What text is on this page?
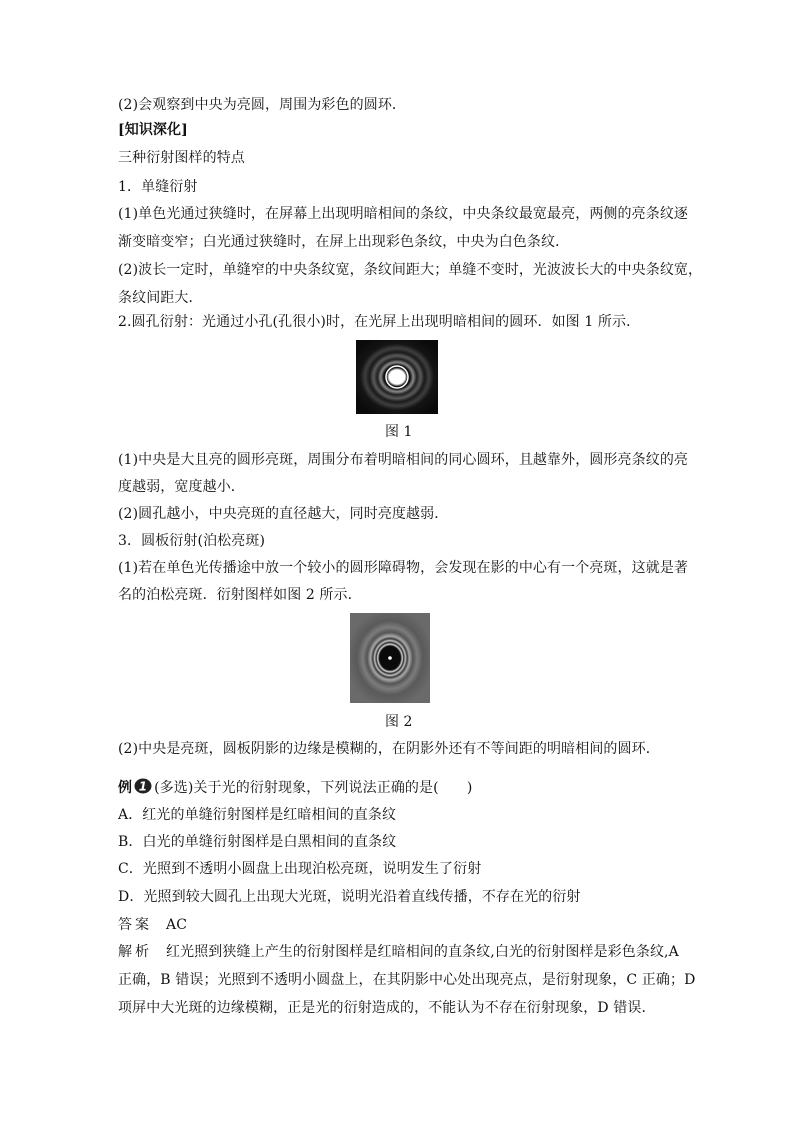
(2)会观察到中央为亮圆，周围为彩色的圆环．
[知识深化]
三种衍射图样的特点
1．单缝衍射
(1)单色光通过狭缝时，在屏幕上出现明暗相间的条纹，中央条纹最宽最亮，两侧的亮条纹逐
渐变暗变窄；白光通过狭缝时，在屏上出现彩色条纹，中央为白色条纹．
(2)波长一定时，单缝窄的中央条纹宽，条纹间距大；单缝不变时，光波波长大的中央条纹宽，
条纹间距大．
2.圆孔衍射：光通过小孔(孔很小)时，在光屏上出现明暗相间的圆环．如图 1 所示．
图 1
(1)中央是大且亮的圆形亮斑，周围分布着明暗相间的同心圆环，且越靠外，圆形亮条纹的亮
度越弱，宽度越小．
(2)圆孔越小，中央亮斑的直径越大，同时亮度越弱．
3．圆板衍射(泊松亮斑)
(1)若在单色光传播途中放一个较小的圆形障碍物，会发现在影的中心有一个亮斑，这就是著
名的泊松亮斑．衍射图样如图 2 所示．
图 2
(2)中央是亮斑，圆板阴影的边缘是模糊的，在阴影外还有不等间距的明暗相间的圆环．
例 1 (多选)关于光的衍射现象，下列说法正确的是(　　)
A．红光的单缝衍射图样是红暗相间的直条纹
B．白光的单缝衍射图样是白黑相间的直条纹
C．光照到不透明小圆盘上出现泊松亮斑，说明发生了衍射
D．光照到较大圆孔上出现大光斑，说明光沿着直线传播，不存在光的衍射
答案 AC
解析 红光照到狭缝上产生的衍射图样是红暗相间的直条纹,白光的衍射图样是彩色条纹,A
正确，B 错误；光照到不透明小圆盘上，在其阴影中心处出现亮点，是衍射现象，C 正确；D
项屏中大光斑的边缘模糊，正是光的衍射造成的，不能认为不存在衍射现象，D 错误．
